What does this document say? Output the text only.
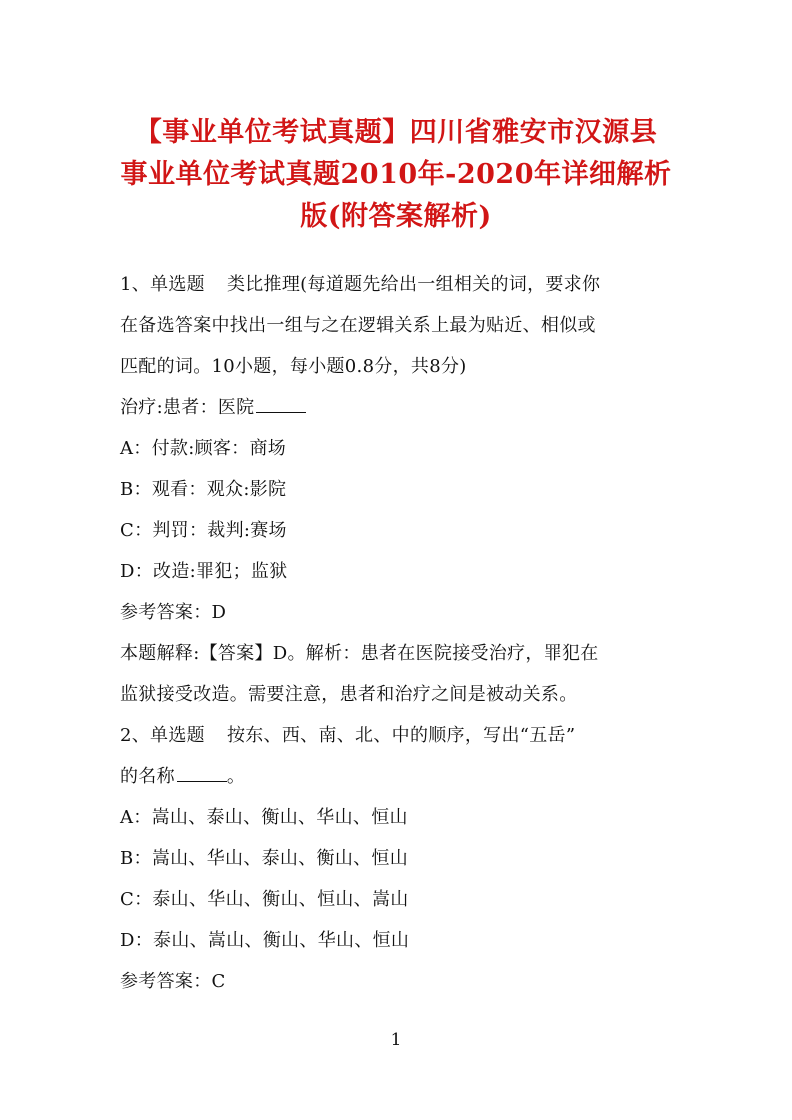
【事业单位考试真题】四川省雅安市汉源县
事业单位考试真题2010年-2020年详细解析
版(附答案解析)
1、单选题 类比推理(每道题先给出一组相关的词，要求你
在备选答案中找出一组与之在逻辑关系上最为贴近、相似或
匹配的词。10小题，每小题0.8分，共8分)
治疗:患者：医院
A：付款:顾客：商场
B：观看：观众:影院
C：判罚：裁判:赛场
D：改造:罪犯；监狱
参考答案：D
本题解释:【答案】D。解析：患者在医院接受治疗，罪犯在
监狱接受改造。需要注意，患者和治疗之间是被动关系。
2、单选题 按东、西、南、北、中的顺序，写出“五岳”
的名称	。
A：嵩山、泰山、衡山、华山、恒山
B：嵩山、华山、泰山、衡山、恒山
C：泰山、华山、衡山、恒山、嵩山
D：泰山、嵩山、衡山、华山、恒山
参考答案：C
1
